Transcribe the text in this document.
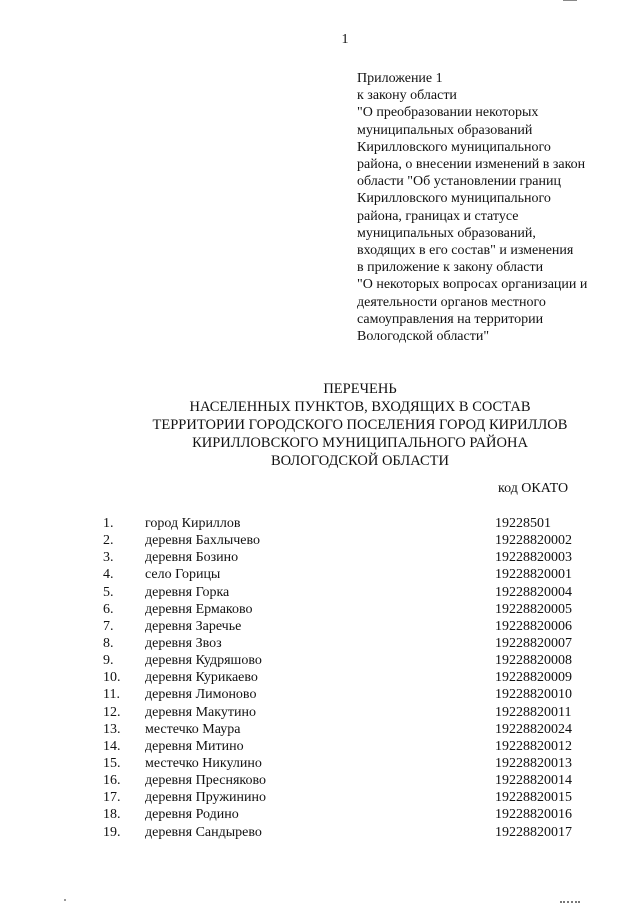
1
Приложение 1
к закону области
"О преобразовании некоторых
муниципальных образований
Кирилловского муниципального
района, о внесении изменений в закон
области "Об установлении границ
Кирилловского муниципального
района, границах и статусе
муниципальных образований,
входящих в его состав" и изменения
в приложение к закону области
"О некоторых вопросах организации и
деятельности органов местного
самоуправления на территории
Вологодской области"
ПЕРЕЧЕНЬ
НАСЕЛЕННЫХ ПУНКТОВ, ВХОДЯЩИХ В СОСТАВ
ТЕРРИТОРИИ ГОРОДСКОГО ПОСЕЛЕНИЯ ГОРОД КИРИЛЛОВ
КИРИЛЛОВСКОГО МУНИЦИПАЛЬНОГО РАЙОНА
ВОЛОГОДСКОЙ ОБЛАСТИ
код ОКАТО
1. город Кириллов	19228501
2. деревня Бахлычево	19228820002
3. деревня Бозино	19228820003
4. село Горицы	19228820001
5. деревня Горка	19228820004
6. деревня Ермаково	19228820005
7. деревня Заречье	19228820006
8. деревня Звоз	19228820007
9. деревня Кудряшово	19228820008
10. деревня Курикаево	19228820009
11. деревня Лимоново	19228820010
12. деревня Макутино	19228820011
13. местечко Маура	19228820024
14. деревня Митино	19228820012
15. местечко Никулино	19228820013
16. деревня Пресняково	19228820014
17. деревня Пружинино	19228820015
18. деревня Родино	19228820016
19. деревня Сандырево	19228820017
